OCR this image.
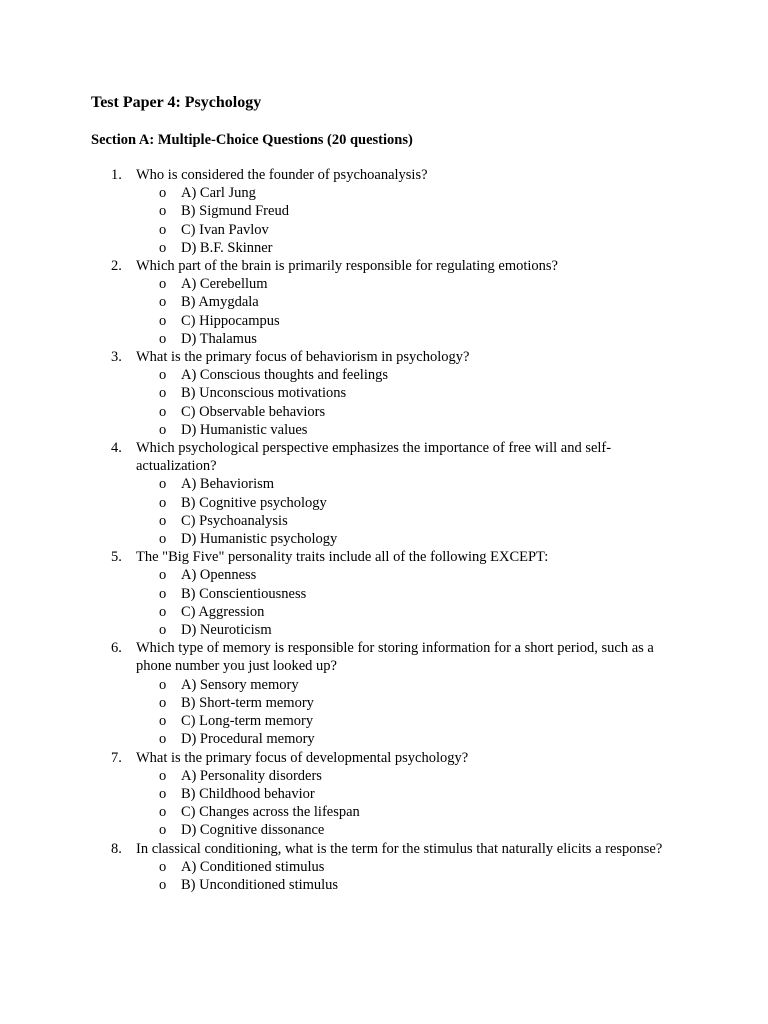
Test Paper 4: Psychology
Section A: Multiple-Choice Questions (20 questions)
1. Who is considered the founder of psychoanalysis?
o A) Carl Jung
o B) Sigmund Freud
o C) Ivan Pavlov
o D) B.F. Skinner
2. Which part of the brain is primarily responsible for regulating emotions?
o A) Cerebellum
o B) Amygdala
o C) Hippocampus
o D) Thalamus
3. What is the primary focus of behaviorism in psychology?
o A) Conscious thoughts and feelings
o B) Unconscious motivations
o C) Observable behaviors
o D) Humanistic values
4. Which psychological perspective emphasizes the importance of free will and self-actualization?
o A) Behaviorism
o B) Cognitive psychology
o C) Psychoanalysis
o D) Humanistic psychology
5. The "Big Five" personality traits include all of the following EXCEPT:
o A) Openness
o B) Conscientiousness
o C) Aggression
o D) Neuroticism
6. Which type of memory is responsible for storing information for a short period, such as a phone number you just looked up?
o A) Sensory memory
o B) Short-term memory
o C) Long-term memory
o D) Procedural memory
7. What is the primary focus of developmental psychology?
o A) Personality disorders
o B) Childhood behavior
o C) Changes across the lifespan
o D) Cognitive dissonance
8. In classical conditioning, what is the term for the stimulus that naturally elicits a response?
o A) Conditioned stimulus
o B) Unconditioned stimulus
